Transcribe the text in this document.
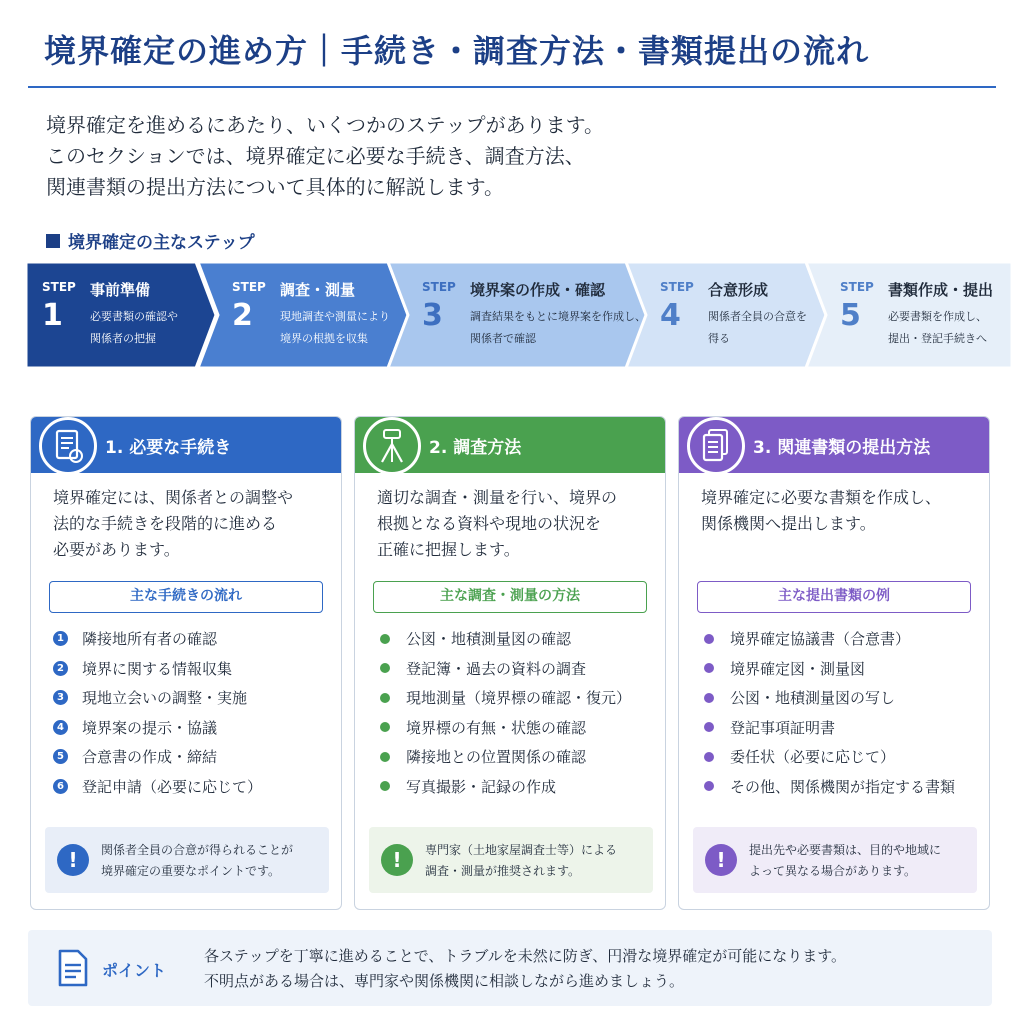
境界確定の進め方｜手続き・調査方法・書類提出の流れ

境界確定を進めるにあたり、いくつかのステップがあります。

このセクションでは、境界確定に必要な手続き、調査方法、

関連書類の提出方法について具体的に解説します。

境界確定の主なステップ
STEP
1
事前準備
必要書類の確認や
関係者の把握
STEP
2
調査・測量
現地調査や測量により
境界の根拠を収集
STEP
3
境界案の作成・確認
調査結果をもとに境界案を作成し、
関係者で確認
STEP
4
合意形成
関係者全員の合意を
得る
STEP
5
書類作成・提出
必要書類を作成し、
提出・登記手続きへ
1. 必要な手続き

境界確定には、関係者との調整や

法的な手続きを段階的に進める

必要があります。

主な手続きの流れ
1 隣接地所有者の確認
2 境界に関する情報収集
3 現地立会いの調整・実施
4 境界案の提示・協議
5 合意書の作成・締結
6 登記申請（必要に応じて）
!	関係者全員の合意が得られることが

境界確定の重要なポイントです。

2. 調査方法

適切な調査・測量を行い、境界の

根拠となる資料や現地の状況を

正確に把握します。

主な調査・測量の方法
公図・地積測量図の確認
登記簿・過去の資料の調査
現地測量（境界標の確認・復元）
境界標の有無・状態の確認
隣接地との位置関係の確認
写真撮影・記録の作成
!	専門家（土地家屋調査士等）による

調査・測量が推奨されます。

3. 関連書類の提出方法

境界確定に必要な書類を作成し、

関係機関へ提出します。

主な提出書類の例
境界確定協議書（合意書）
境界確定図・測量図
公図・地積測量図の写し
登記事項証明書
委任状（必要に応じて）
その他、関係機関が指定する書類
!	提出先や必要書類は、目的や地域に

よって異なる場合があります。

ポイント

各ステップを丁寧に進めることで、トラブルを未然に防ぎ、円滑な境界確定が可能になります。

不明点がある場合は、専門家や関係機関に相談しながら進めましょう。
